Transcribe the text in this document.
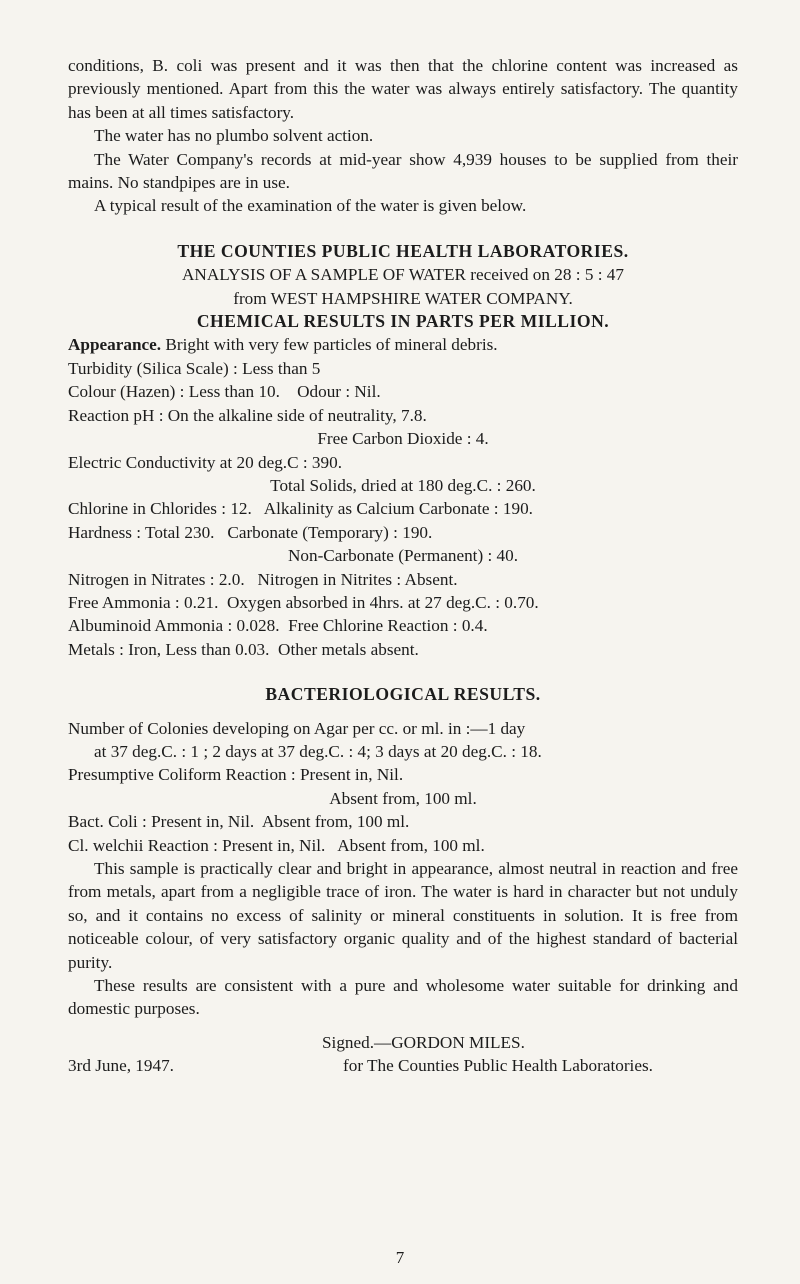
conditions, B. coli was present and it was then that the chlorine content was increased as previously mentioned. Apart from this the water was always entirely satisfactory. The quantity has been at all times satisfactory.

The water has no plumbo solvent action.

The Water Company's records at mid-year show 4,939 houses to be supplied from their mains. No standpipes are in use.

A typical result of the examination of the water is given below.

THE COUNTIES PUBLIC HEALTH LABORATORIES.

ANALYSIS OF A SAMPLE OF WATER received on 28 : 5 : 47

from WEST HAMPSHIRE WATER COMPANY.

CHEMICAL RESULTS IN PARTS PER MILLION.

Appearance. Bright with very few particles of mineral debris.

Turbidity (Silica Scale) : Less than 5

Colour (Hazen) : Less than 10.    Odour : Nil.

Reaction pH : On the alkaline side of neutrality, 7.8.

Free Carbon Dioxide : 4.

Electric Conductivity at 20 deg.C : 390.

Total Solids, dried at 180 deg.C. : 260.

Chlorine in Chlorides : 12.   Alkalinity as Calcium Carbonate : 190.

Hardness : Total 230.   Carbonate (Temporary) : 190.

Non-Carbonate (Permanent) : 40.

Nitrogen in Nitrates : 2.0.   Nitrogen in Nitrites : Absent.

Free Ammonia : 0.21.  Oxygen absorbed in 4hrs. at 27 deg.C. : 0.70.

Albuminoid Ammonia : 0.028.  Free Chlorine Reaction : 0.4.

Metals : Iron, Less than 0.03.  Other metals absent.

BACTERIOLOGICAL RESULTS.

Number of Colonies developing on Agar per cc. or ml. in :—1 day

at 37 deg.C. : 1 ; 2 days at 37 deg.C. : 4; 3 days at 20 deg.C. : 18.

Presumptive Coliform Reaction : Present in, Nil.

Absent from, 100 ml.

Bact. Coli : Present in, Nil.  Absent from, 100 ml.

Cl. welchii Reaction : Present in, Nil.   Absent from, 100 ml.

This sample is practically clear and bright in appearance, almost neutral in reaction and free from metals, apart from a negligible trace of iron. The water is hard in character but not unduly so, and it contains no excess of salinity or mineral constituents in solution. It is free from noticeable colour, of very satisfactory organic quality and of the highest standard of bacterial purity.

These results are consistent with a pure and wholesome water suitable for drinking and domestic purposes.

Signed.—GORDON MILES.

3rd June, 1947.	for The Counties Public Health Laboratories.
7
